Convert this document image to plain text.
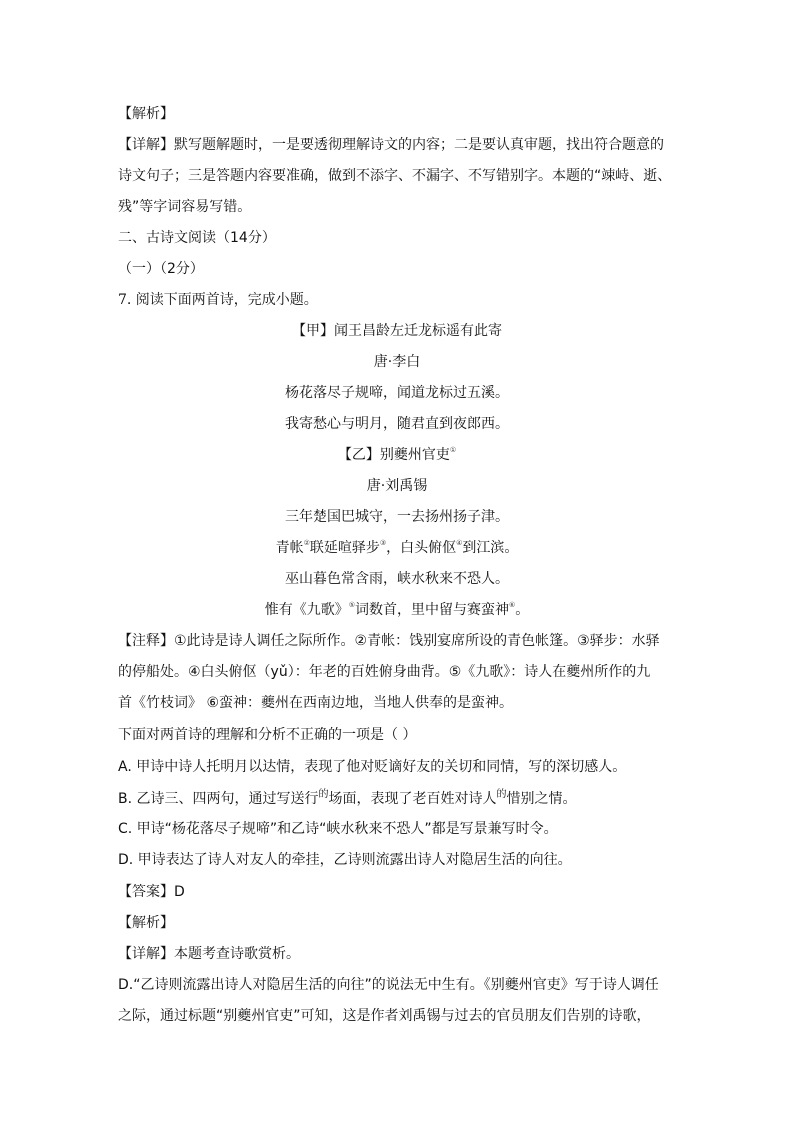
【解析】
【详解】默写题解题时，一是要透彻理解诗文的内容；二是要认真审题，找出符合题意的
诗文句子；三是答题内容要准确，做到不添字、不漏字、不写错别字。本题的“竦峙、逝、
残”等字词容易写错。
二、古诗文阅读（14分）
（一）（2分）
7. 阅读下面两首诗，完成小题。
【甲】闻王昌龄左迁龙标遥有此寄
唐·李白
杨花落尽子规啼，闻道龙标过五溪。
我寄愁心与明月，随君直到夜郎西。
【乙】别夔州官吏①
唐·刘禹锡
三年楚国巴城守，一去扬州扬子津。
青帐②联延喧驿步③，白头俯伛④到江滨。
巫山暮色常含雨，峡水秋来不恐人。
惟有《九歌》⑤词数首，里中留与赛蛮神⑥。
【注释】①此诗是诗人调任之际所作。②青帐：饯别宴席所设的青色帐篷。③驿步：水驿
的停船处。④白头俯伛（yǔ）：年老的百姓俯身曲背。⑤《九歌》：诗人在夔州所作的九
首《竹枝词》 ⑥蛮神：夔州在西南边地，当地人供奉的是蛮神。
下面对两首诗的理解和分析不正确的一项是（ ）
A. 甲诗中诗人托明月以达情，表现了他对贬谪好友的关切和同情，写的深切感人。
B. 乙诗三、四两句，通过写送行$^的$场面，表现了老百姓对诗人$^的$惜别之情。
C. 甲诗“杨花落尽子规啼”和乙诗“峡水秋来不恐人”都是写景兼写时令。
D. 甲诗表达了诗人对友人的牵挂，乙诗则流露出诗人对隐居生活的向往。
【答案】D
【解析】
【详解】本题考查诗歌赏析。
D.“乙诗则流露出诗人对隐居生活的向往”的说法无中生有。《别夔州官吏》写于诗人调任
之际，通过标题“别夔州官吏”可知，这是作者刘禹锡与过去的官员朋友们告别的诗歌，
